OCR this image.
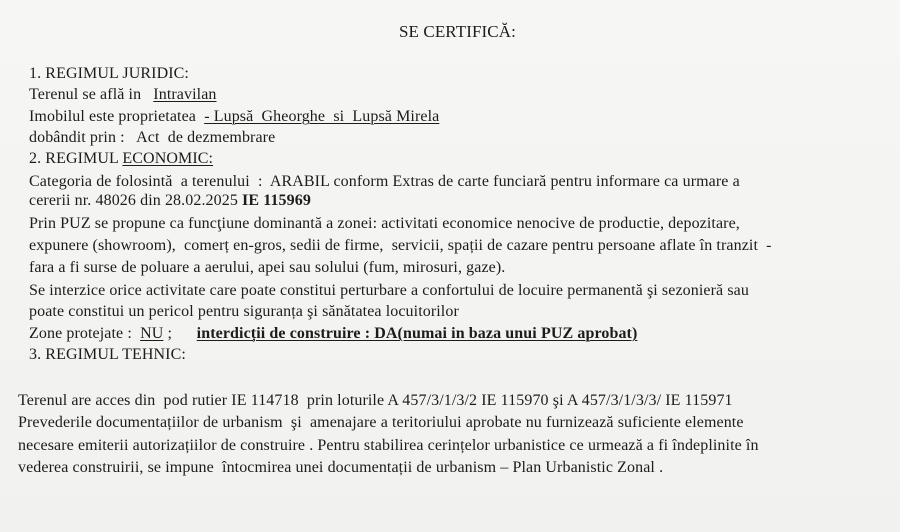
SE CERTIFICĂ:
1. REGIMUL JURIDIC:
Terenul se află in Intravilan
Imobilul este proprietatea - Lupsă  Gheorghe  si  Lupsă Mirela
dobândit prin : Act  de dezmembrare
2. REGIMUL ECONOMIC:
Categoria de folosintă  a terenului  :  ARABIL conform Extras de carte funciară pentru informare ca urmare a
cererii nr. 48026 din 28.02.2025 IE 115969
Prin PUZ se propune ca funcţiune dominantă a zonei: activitati economice nenocive de productie, depozitare,
expunere (showroom),  comerț en-gros, sedii de firme,  servicii, spații de cazare pentru persoane aflate în tranzit  -
fara a fi surse de poluare a aerului, apei sau solului (fum, mirosuri, gaze).
Se interzice orice activitate care poate constitui perturbare a confortului de locuire permanentă şi sezonieră sau
poate constitui un pericol pentru siguranța şi sănătatea locuitorilor
Zone protejate : NU ; interdicții de construire : DA(numai in baza unui PUZ aprobat)
3. REGIMUL TEHNIC:
Terenul are acces din  pod rutier IE 114718  prin loturile A 457/3/1/3/2 IE 115970 şi A 457/3/1/3/3/ IE 115971
Prevederile documentațiilor de urbanism  şi  amenajare a teritoriului aprobate nu furnizează suficiente elemente
necesare emiterii autorizațiilor de construire . Pentru stabilirea cerințelor urbanistice ce urmează a fi îndeplinite în
vederea construirii, se impune  întocmirea unei documentații de urbanism – Plan Urbanistic Zonal .
